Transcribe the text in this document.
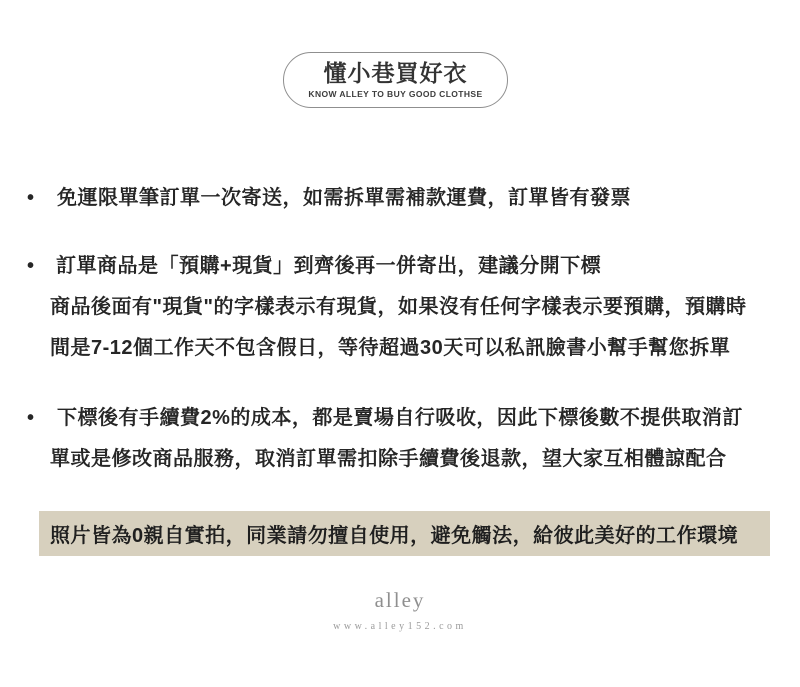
懂小巷買好衣
KNOW ALLEY TO BUY GOOD CLOTHSE
•	免運限單筆訂單一次寄送，如需拆單需補款運費，訂單皆有發票
•	訂單商品是「預購+現貨」到齊後再一併寄出，建議分開下標
商品後面有"現貨"的字樣表示有現貨，如果沒有任何字樣表示要預購，預購時
間是7-12個工作天不包含假日，等待超過30天可以私訊臉書小幫手幫您拆單
•	下標後有手續費2%的成本，都是賣場自行吸收，因此下標後數不提供取消訂
單或是修改商品服務，取消訂單需扣除手續費後退款，望大家互相體諒配合
照片皆為0親自實拍，同業請勿擅自使用，避免觸法，給彼此美好的工作環境
alley
www.alley152.com
